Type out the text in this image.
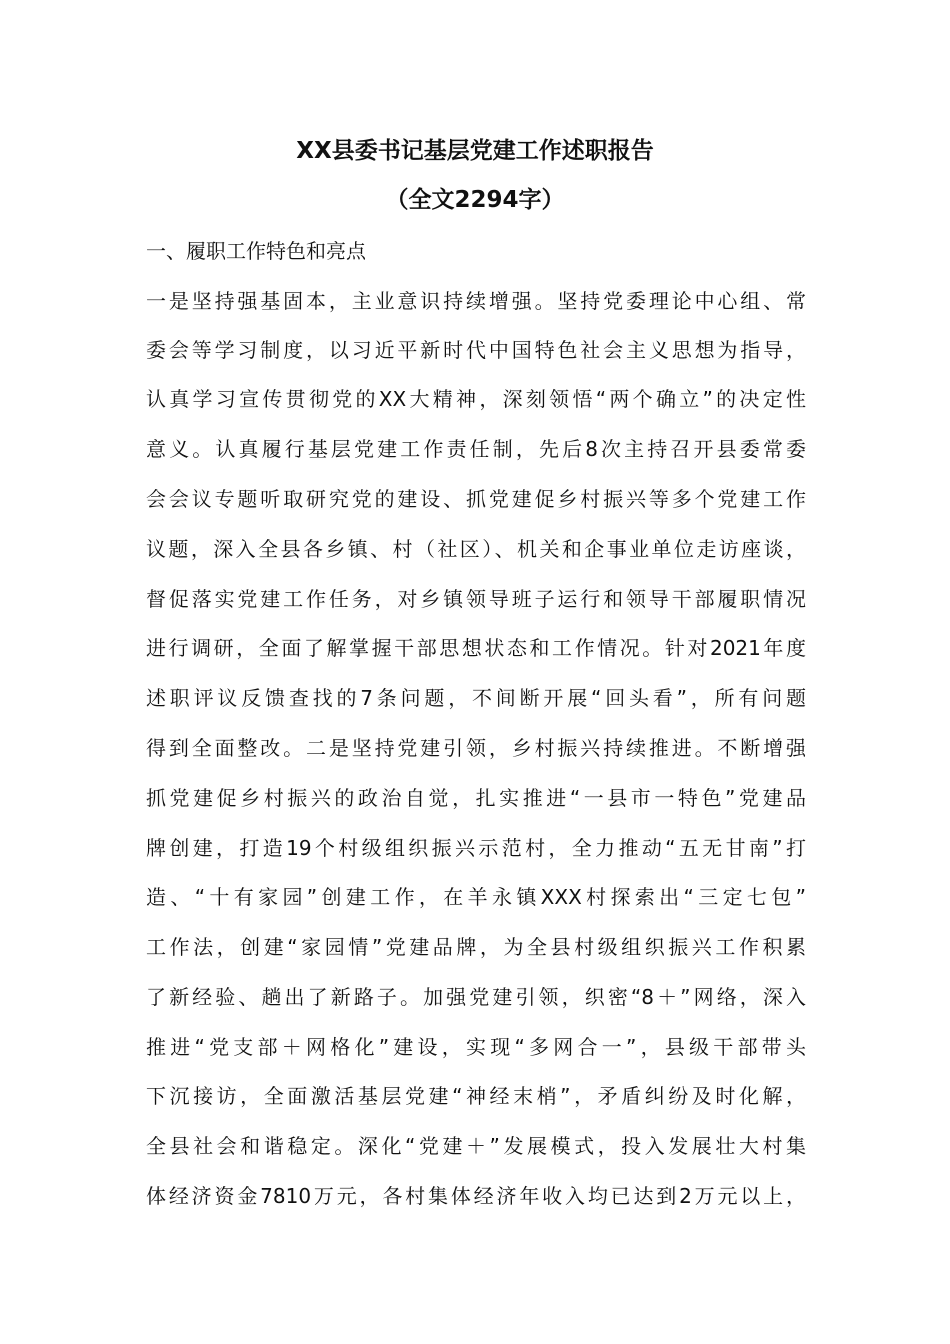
XX县委书记基层党建工作述职报告
（全文2294字）
一、履职工作特色和亮点
一是坚持强基固本，主业意识持续增强。坚持党委理论中心组、常
委会等学习制度，以习近平新时代中国特色社会主义思想为指导，
认真学习宣传贯彻党的XX大精神，深刻领悟“两个确立”的决定性
意义。认真履行基层党建工作责任制，先后8次主持召开县委常委
会会议专题听取研究党的建设、抓党建促乡村振兴等多个党建工作
议题，深入全县各乡镇、村（社区）、机关和企事业单位走访座谈，
督促落实党建工作任务，对乡镇领导班子运行和领导干部履职情况
进行调研，全面了解掌握干部思想状态和工作情况。针对2021年度
述职评议反馈查找的7条问题，不间断开展“回头看”，所有问题
得到全面整改。二是坚持党建引领，乡村振兴持续推进。不断增强
抓党建促乡村振兴的政治自觉，扎实推进“一县市一特色”党建品
牌创建，打造19个村级组织振兴示范村，全力推动“五无甘南”打
造、“十有家园”创建工作，在羊永镇XXX村探索出“三定七包”
工作法，创建“家园情”党建品牌，为全县村级组织振兴工作积累
了新经验、趟出了新路子。加强党建引领，织密“8＋”网络，深入
推进“党支部＋网格化”建设，实现“多网合一”，县级干部带头
下沉接访，全面激活基层党建“神经末梢”，矛盾纠纷及时化解，
全县社会和谐稳定。深化“党建＋”发展模式，投入发展壮大村集
体经济资金7810万元，各村集体经济年收入均已达到2万元以上，
